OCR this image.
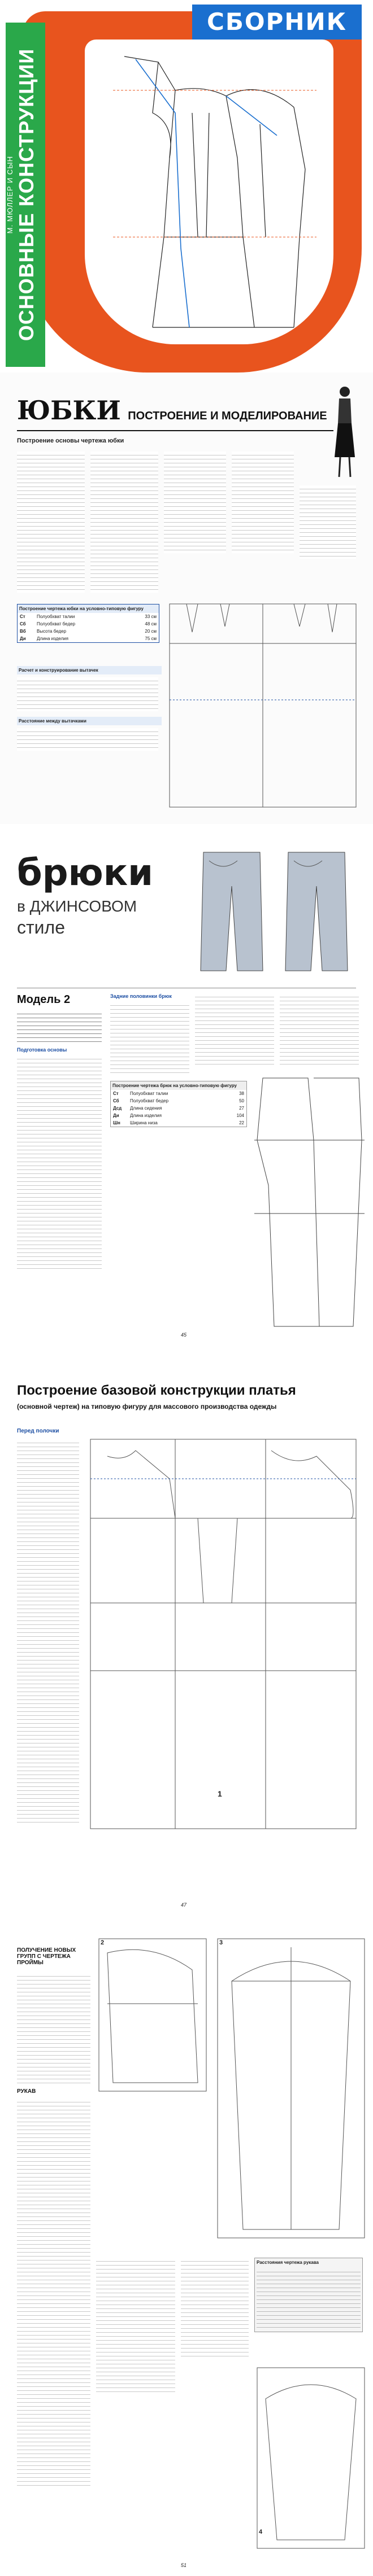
СБОРНИК
М. МЮЛЛЕР И СЫН ОСНОВНЫЕ КОНСТРУКЦИИ
ЮБКИ ПОСТРОЕНИЕ И МОДЕЛИРОВАНИЕ
Построение основы чертежа юбки
Построение чертежа юбки на условно-типовую фигуру
Ст	Полуобхват талии	33 см
Сб	Полуобхват бедер	48 см
Вб	Высота бедер	20 см
Ди	Длина изделия	75 см
Расчет и конструирование вытачек
Расстояние между вытачками
брюки
в ДЖИНСОВОМ
стиле
Модель 2
Подготовка основы
Задние половинки брюк
Построение чертежа брюк на условно-типовую фигуру
Ст	Полуобхват талии	38
Сб	Полуобхват бедер	50
Дсд	Длина сидения	27
Ди	Длина изделия	104
Шн	Ширина низа	22
45
Построение базовой конструкции платья
(основной чертеж) на типовую фигуру для массового производства одежды
Перед полочки
1
47
ПОЛУЧЕНИЕ НОВЫХ ГРУПП С ЧЕРТЕЖА ПРОЙМЫ
РУКАВ
2	3
Расстояния чертежа рукава
4
51
